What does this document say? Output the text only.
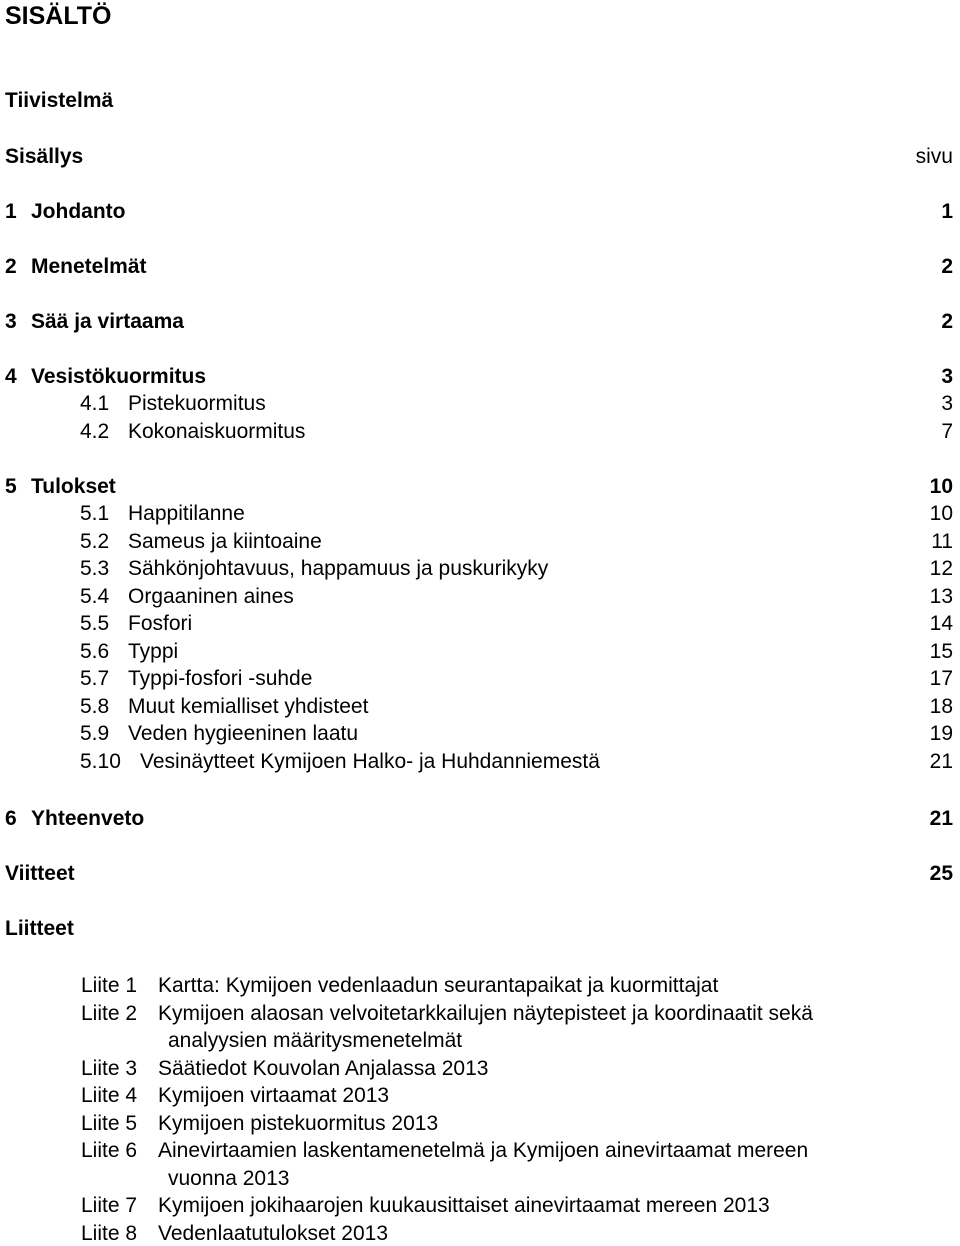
SISÄLTÖ
Tiivistelmä
Sisällys	sivu
1 Johdanto	1
2 Menetelmät	2
3 Sää ja virtaama	2
4 Vesistökuormitus	3
4.1 Pistekuormitus	3
4.2 Kokonaiskuormitus	7
5 Tulokset	10
5.1 Happitilanne	10
5.2 Sameus ja kiintoaine	11
5.3 Sähkönjohtavuus, happamuus ja puskurikyky	12
5.4 Orgaaninen aines	13
5.5 Fosfori	14
5.6 Typpi	15
5.7 Typpi-fosfori -suhde	17
5.8 Muut kemialliset yhdisteet	18
5.9 Veden hygieeninen laatu	19
5.10 Vesinäytteet Kymijoen Halko- ja Huhdanniemestä	21
6 Yhteenveto	21
Viitteet	25
Liitteet
Liite 1 Kartta: Kymijoen vedenlaadun seurantapaikat ja kuormittajat
Liite 2 Kymijoen alaosan velvoitetarkkailujen näytepisteet ja koordinaatit sekä
analyysien määritysmenetelmät
Liite 3 Säätiedot Kouvolan Anjalassa 2013
Liite 4 Kymijoen virtaamat 2013
Liite 5 Kymijoen pistekuormitus 2013
Liite 6 Ainevirtaamien laskentamenetelmä ja Kymijoen ainevirtaamat mereen
vuonna 2013
Liite 7 Kymijoen jokihaarojen kuukausittaiset ainevirtaamat mereen 2013
Liite 8 Vedenlaatutulokset 2013
